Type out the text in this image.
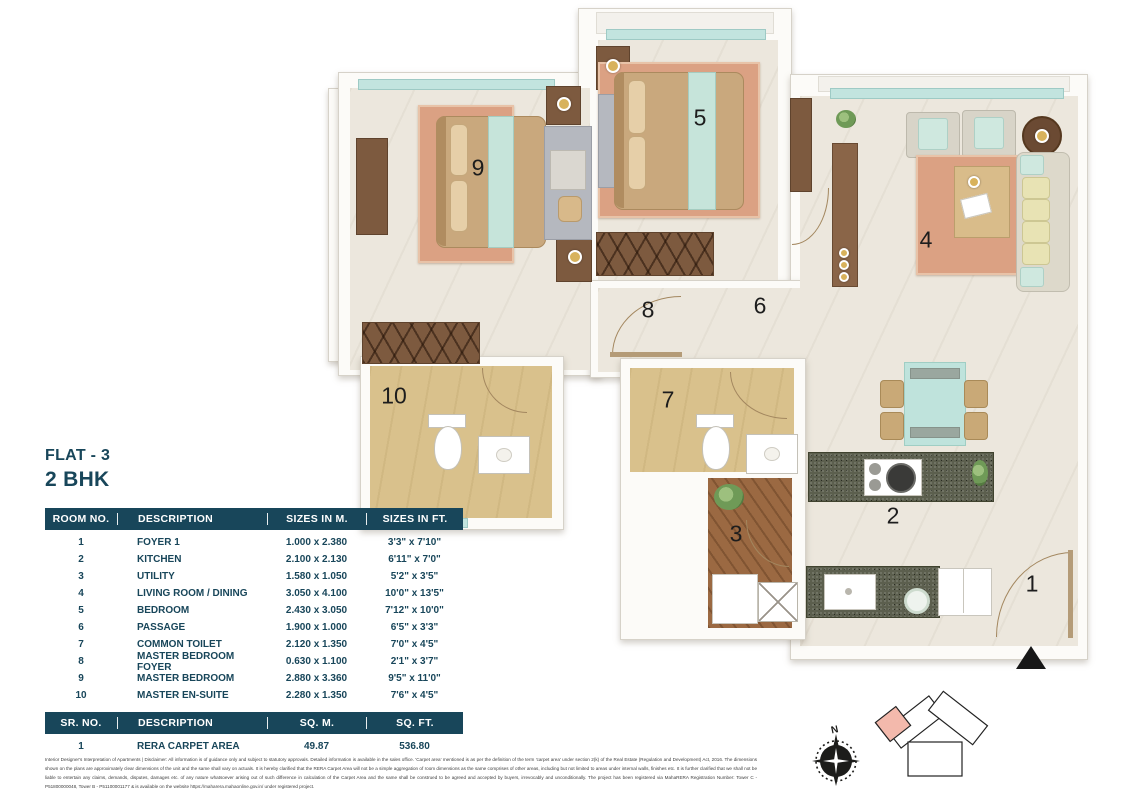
9
5
4
8	6
10	7
2
3
1
FLAT - 3
2 BHK
ROOM NO.	DESCRIPTION	SIZES IN M.	SIZES IN FT.
1	FOYER 1	1.000 x 2.380	3'3" x 7'10"
2	KITCHEN	2.100 x 2.130	6'11" x 7'0"
3	UTILITY	1.580 x 1.050	5'2" x 3'5"
4	LIVING ROOM / DINING	3.050 x 4.100	10'0" x 13'5"
5	BEDROOM	2.430 x 3.050	7'12" x 10'0"
6	PASSAGE	1.900 x 1.000	6'5" x 3'3"
7	COMMON TOILET	2.120 x 1.350	7'0" x 4'5"
8	MASTER BEDROOM FOYER	0.630 x 1.100	2'1" x 3'7"
9	MASTER BEDROOM	2.880 x 3.360	9'5" x 11'0"
10	MASTER EN-SUITE	2.280 x 1.350	7'6" x 4'5"
SR. NO.	DESCRIPTION	SQ. M.	SQ. FT.
1	RERA CARPET AREA	49.87	536.80
Interior Designer's Interpretation of Apartments | Disclaimer: All information is of guidance only and subject to statutory approvals. Detailed information is available in the sales office. 'Carpet area' mentioned is as per the definition of the term 'carpet area' under section 2(k) of the Real Estate (Regulation and Development) Act, 2016. The dimensions shown on the plans are approximately clear dimensions of the unit and the same shall vary on actuals. It is hereby clarified that the RERA Carpet Area will not be a simple aggregation of room dimensions as the same comprises of other areas, including but not limited to areas under internal walls, finishes etc. It is further clarified that we shall not be liable to entertain any claims, demands, disputes, damages etc. of any nature whatsoever arising out of such difference in calculation of the Carpet Area and the same shall be construed to be agreed and accepted by buyers, irrevocably and unconditionally. The project has been registered via MahaRERA Registration Number: Tower C - P51800000048, Tower B - P51100001177 & is available on the website https://maharera.mahaonline.gov.in/ under registered project.
N
